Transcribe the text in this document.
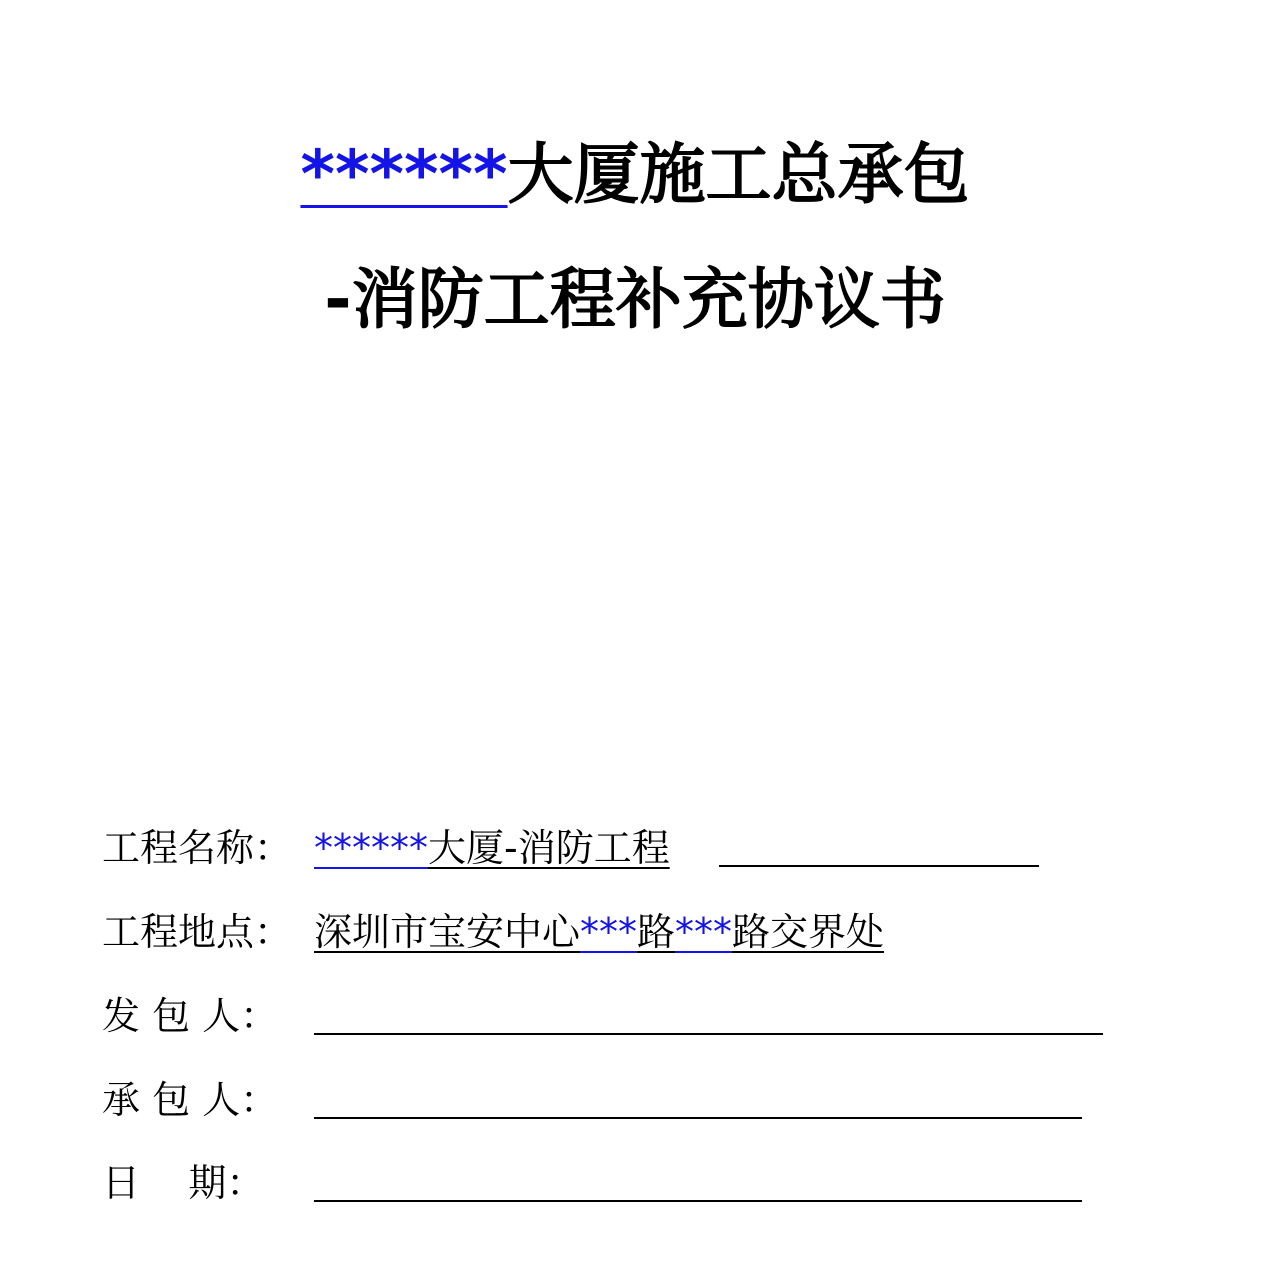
******大厦施工总承包
-消防工程补充协议书
工程名称： ******大厦-消防工程
工程地点： 深圳市宝安中心***路***路交界处
发 包 人：
承 包 人：
日    期：
